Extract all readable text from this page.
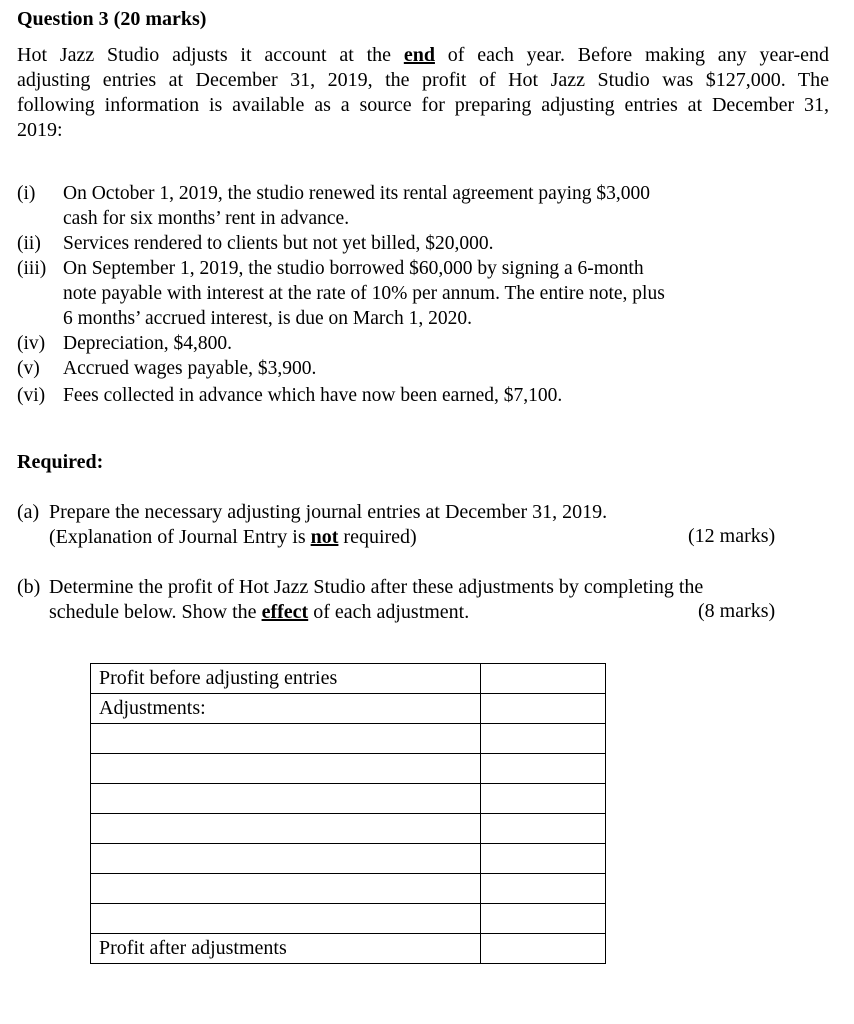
Question 3 (20 marks)
Hot Jazz Studio adjusts it account at the end of each year. Before making any year-end
adjusting entries at December 31, 2019, the profit of Hot Jazz Studio was $127,000. The
following information is available as a source for preparing adjusting entries at December 31,
2019:
(i) On October 1, 2019, the studio renewed its rental agreement paying $3,000
cash for six months’ rent in advance.
(ii) Services rendered to clients but not yet billed, $20,000.
(iii) On September 1, 2019, the studio borrowed $60,000 by signing a 6-month
note payable with interest at the rate of 10% per annum. The entire note, plus
6 months’ accrued interest, is due on March 1, 2020.
(iv) Depreciation, $4,800.
(v) Accrued wages payable, $3,900.
(vi) Fees collected in advance which have now been earned, $7,100.
Required:
(a) Prepare the necessary adjusting journal entries at December 31, 2019.
(Explanation of Journal Entry is not required)	(12 marks)
(b) Determine the profit of Hot Jazz Studio after these adjustments by completing the
schedule below. Show the effect of each adjustment.	(8 marks)
Profit before adjusting entries	
Adjustments:	

Profit after adjustments	
